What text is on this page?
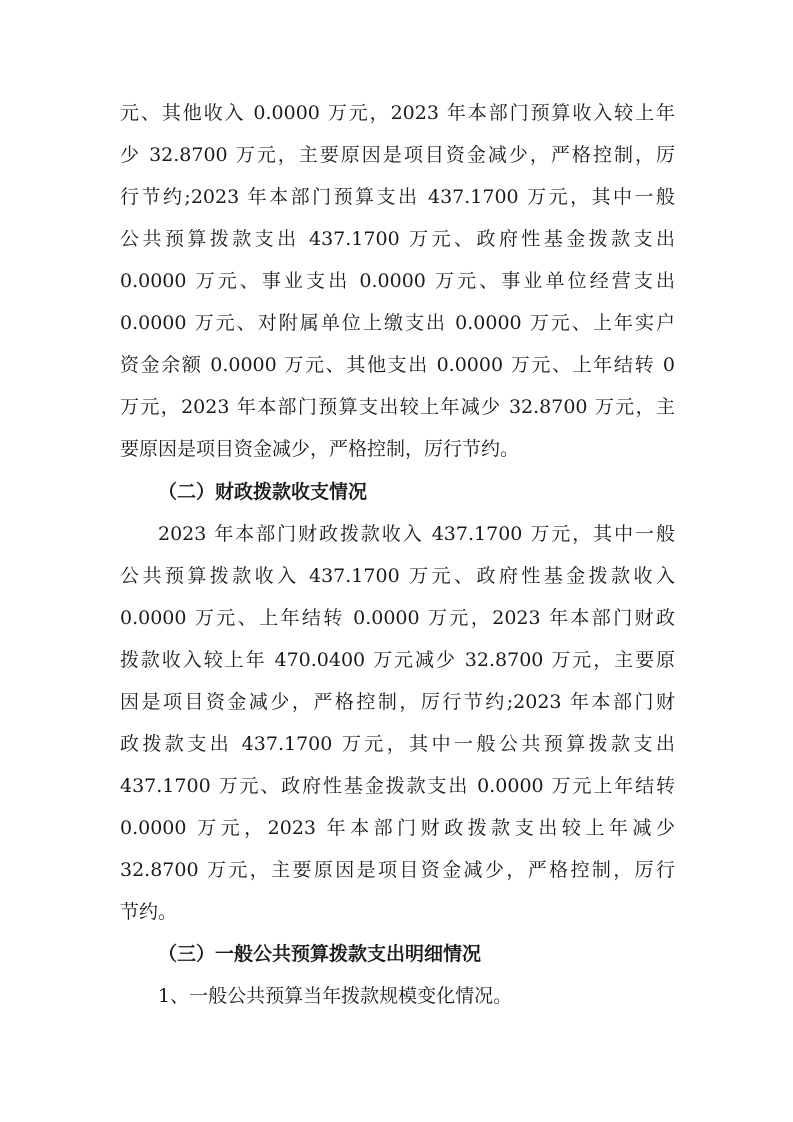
元、其他收入 0.0000 万元，2023 年本部门预算收入较上年
少 32.8700 万元，主要原因是项目资金减少，严格控制，厉
行节约;2023 年本部门预算支出 437.1700 万元，其中一般
公共预算拨款支出 437.1700 万元、政府性基金拨款支出
0.0000 万元、事业支出 0.0000 万元、事业单位经营支出
0.0000 万元、对附属单位上缴支出 0.0000 万元、上年实户
资金余额 0.0000 万元、其他支出 0.0000 万元、上年结转 0
万元，2023 年本部门预算支出较上年减少 32.8700 万元，主
要原因是项目资金减少，严格控制，厉行节约。
（二）财政拨款收支情况
2023 年本部门财政拨款收入 437.1700 万元，其中一般
公共预算拨款收入 437.1700 万元、政府性基金拨款收入
0.0000 万元、上年结转 0.0000 万元，2023 年本部门财政
拨款收入较上年 470.0400 万元减少 32.8700 万元，主要原
因是项目资金减少，严格控制，厉行节约;2023 年本部门财
政拨款支出 437.1700 万元，其中一般公共预算拨款支出
437.1700 万元、政府性基金拨款支出 0.0000 万元上年结转
0.0000 万元，2023 年本部门财政拨款支出较上年减少
32.8700 万元，主要原因是项目资金减少，严格控制，厉行
节约。
（三）一般公共预算拨款支出明细情况
1、一般公共预算当年拨款规模变化情况。
